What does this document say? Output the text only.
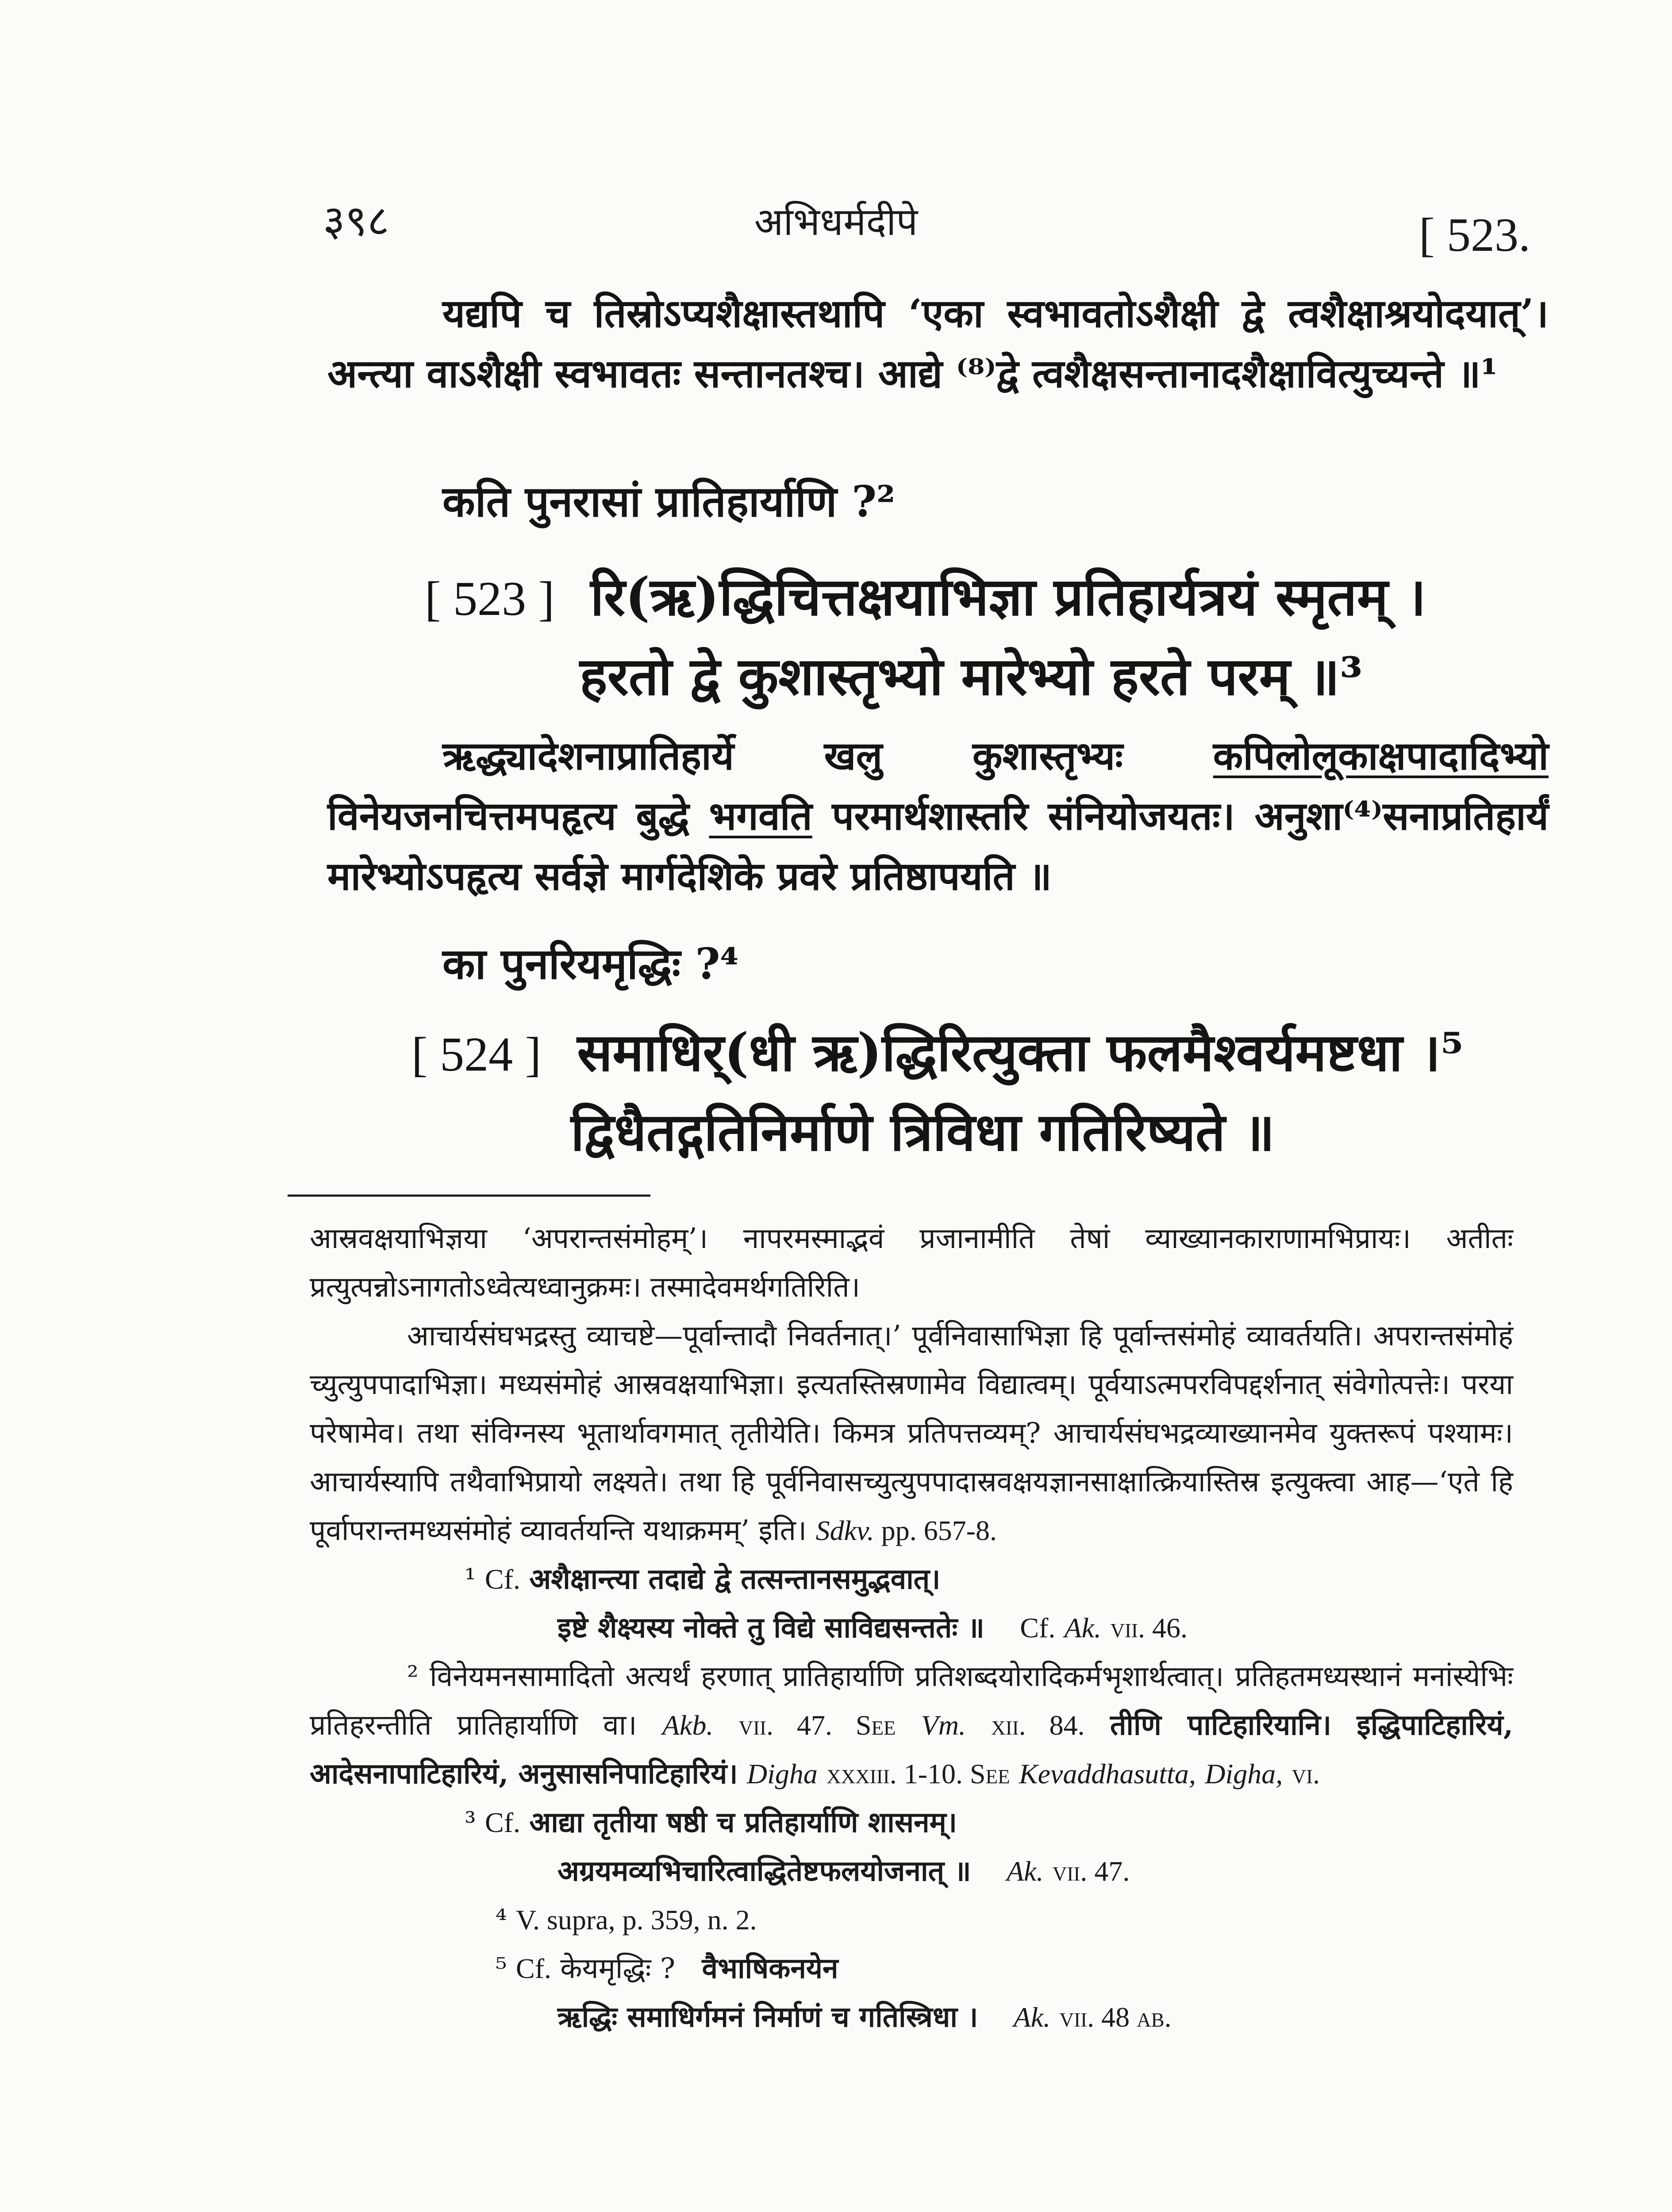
३९८	अभिधर्मदीपे	[ 523.

यद्यपि च तिस्रोऽप्यशैक्षास्तथापि ‘एका स्वभावतोऽशैक्षी द्वे त्वशैक्षाश्रयोदयात्’। अन्त्या वाऽशैक्षी स्वभावतः सन्तानतश्च। आद्ये ⁽⁸⁾द्वे त्वशैक्षसन्तानादशैक्षावित्युच्यन्ते ॥¹

कति पुनरासां प्रातिहार्याणि ?²
[ 523 ] रि(ऋ)द्धिचित्तक्षयाभिज्ञा प्रतिहार्यत्रयं स्मृतम् ।
हरतो द्वे कुशास्तृभ्यो मारेभ्यो हरते परम् ॥³

ऋद्ध्यादेशनाप्रातिहार्ये खलु कुशास्तृभ्यः कपिलोलूकाक्षपादादिभ्यो विनेयजनचित्तमपहृत्य बुद्धे भगवति परमार्थशास्तरि संनियोजयतः। अनुशा⁽⁴⁾सनाप्रतिहार्यं मारेभ्योऽपहृत्य सर्वज्ञे मार्गदेशिके प्रवरे प्रतिष्ठापयति ॥

का पुनरियमृद्धिः ?⁴
[ 524 ] समाधिर्(धी ऋ)द्धिरित्युक्ता फलमैश्वर्यमष्टधा ।⁵
द्विधैतद्गतिनिर्माणे त्रिविधा गतिरिष्यते ॥

आस्रवक्षयाभिज्ञया ‘अपरान्तसंमोहम्’। नापरमस्माद्भवं प्रजानामीति तेषां व्याख्यानकाराणामभिप्रायः। अतीतः प्रत्युत्पन्नोऽनागतोऽध्वेत्यध्वानुक्रमः। तस्मादेवमर्थगतिरिति।

आचार्यसंघभद्रस्तु व्याचष्टे—पूर्वान्तादौ निवर्तनात्।’ पूर्वनिवासाभिज्ञा हि पूर्वान्तसंमोहं व्यावर्तयति। अपरान्तसंमोहं च्युत्युपपादाभिज्ञा। मध्यसंमोहं आस्रवक्षयाभिज्ञा। इत्यतस्तिस्रणामेव विद्यात्वम्। पूर्वयाऽत्मपरविपद्दर्शनात् संवेगोत्पत्तेः। परया परेषामेव। तथा संविग्नस्य भूतार्थावगमात् तृतीयेति। किमत्र प्रतिपत्तव्यम्? आचार्यसंघभद्रव्याख्यानमेव युक्तरूपं पश्यामः। आचार्यस्यापि तथैवाभिप्रायो लक्ष्यते। तथा हि पूर्वनिवासच्युत्युपपादास्रवक्षयज्ञानसाक्षात्क्रियास्तिस्र इत्युक्त्वा आह—‘एते हि पूर्वापरान्तमध्यसंमोहं व्यावर्तयन्ति यथाक्रमम्’ इति। Sdkv. pp. 657-8.

¹ Cf. अशैक्षान्त्या तदाद्ये द्वे तत्सन्तानसमुद्भवात्।

इष्टे शैक्ष्यस्य नोक्ते तु विद्ये साविद्यसन्ततेः ॥ Cf. Ak. vii. 46.

² विनेयमनसामादितो अत्यर्थं हरणात् प्रातिहार्याणि प्रतिशब्दयोरादिकर्मभृशार्थत्वात्। प्रतिहतमध्यस्थानं मनांस्येभिः प्रतिहरन्तीति प्रातिहार्याणि वा। Akb. vii. 47. See Vm. xii. 84. तीणि पाटिहारियानि। इद्धिपाटिहारियं, आदेसनापाटिहारियं, अनुसासनिपाटिहारियं। Digha xxxiii. 1-10. See Kevaddhasutta, Digha, vi.

³ Cf. आद्या तृतीया षष्ठी च प्रतिहार्याणि शासनम्।

अग्रयमव्यभिचारित्वाद्धितेष्टफलयोजनात् ॥ Ak. vii. 47.

⁴ V. supra, p. 359, n. 2.

⁵ Cf. केयमृद्धिः ? वैभाषिकनयेन

ऋद्धिः समाधिर्गमनं निर्माणं च गतिस्त्रिधा । Ak. vii. 48 ab.
